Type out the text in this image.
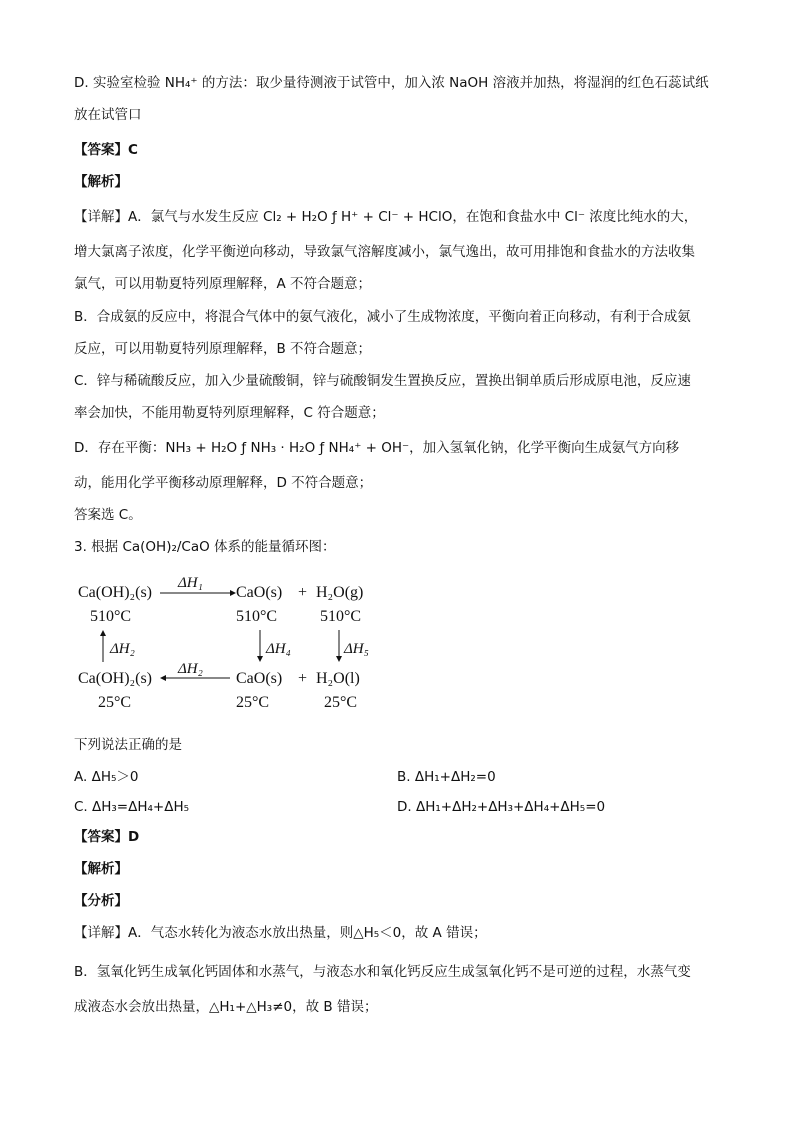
D. 实验室检验 NH₄⁺ 的方法：取少量待测液于试管中，加入浓 NaOH 溶液并加热，将湿润的红色石蕊试纸
放在试管口
【答案】C
【解析】
【详解】A．氯气与水发生反应 Cl₂ + H₂O ƒ H⁺ + Cl⁻ + HClO，在饱和食盐水中 Cl⁻ 浓度比纯水的大，
增大氯离子浓度，化学平衡逆向移动，导致氯气溶解度减小，氯气逸出，故可用排饱和食盐水的方法收集
氯气，可以用勒夏特列原理解释，A 不符合题意；
B．合成氨的反应中，将混合气体中的氨气液化，减小了生成物浓度，平衡向着正向移动，有利于合成氨
反应，可以用勒夏特列原理解释，B 不符合题意；
C．锌与稀硫酸反应，加入少量硫酸铜，锌与硫酸铜发生置换反应，置换出铜单质后形成原电池，反应速
率会加快，不能用勒夏特列原理解释，C 符合题意；
D．存在平衡：NH₃ + H₂O ƒ NH₃ · H₂O ƒ NH₄⁺ + OH⁻，加入氢氧化钠，化学平衡向生成氨气方向移
动，能用化学平衡移动原理解释，D 不符合题意；
答案选 C。
3. 根据 Ca(OH)₂/CaO 体系的能量循环图：
Ca(OH)₂(s)
ΔH₁
CaO(s) + H₂O(g)
510°C	510°C	510°C
ΔH₂	ΔH₄	ΔH₅
Ca(OH)₂(s)
ΔH₂
CaO(s) + H₂O(l)
25°C	25°C	25°C
下列说法正确的是
A. ΔH₅＞0	B. ΔH₁+ΔH₂=0
C. ΔH₃=ΔH₄+ΔH₅	D. ΔH₁+ΔH₂+ΔH₃+ΔH₄+ΔH₅=0
【答案】D
【解析】
【分析】
【详解】A．气态水转化为液态水放出热量，则△H₅＜0，故 A 错误；
B．氢氧化钙生成氧化钙固体和水蒸气，与液态水和氧化钙反应生成氢氧化钙不是可逆的过程，水蒸气变
成液态水会放出热量，△H₁+△H₃≠0，故 B 错误；
